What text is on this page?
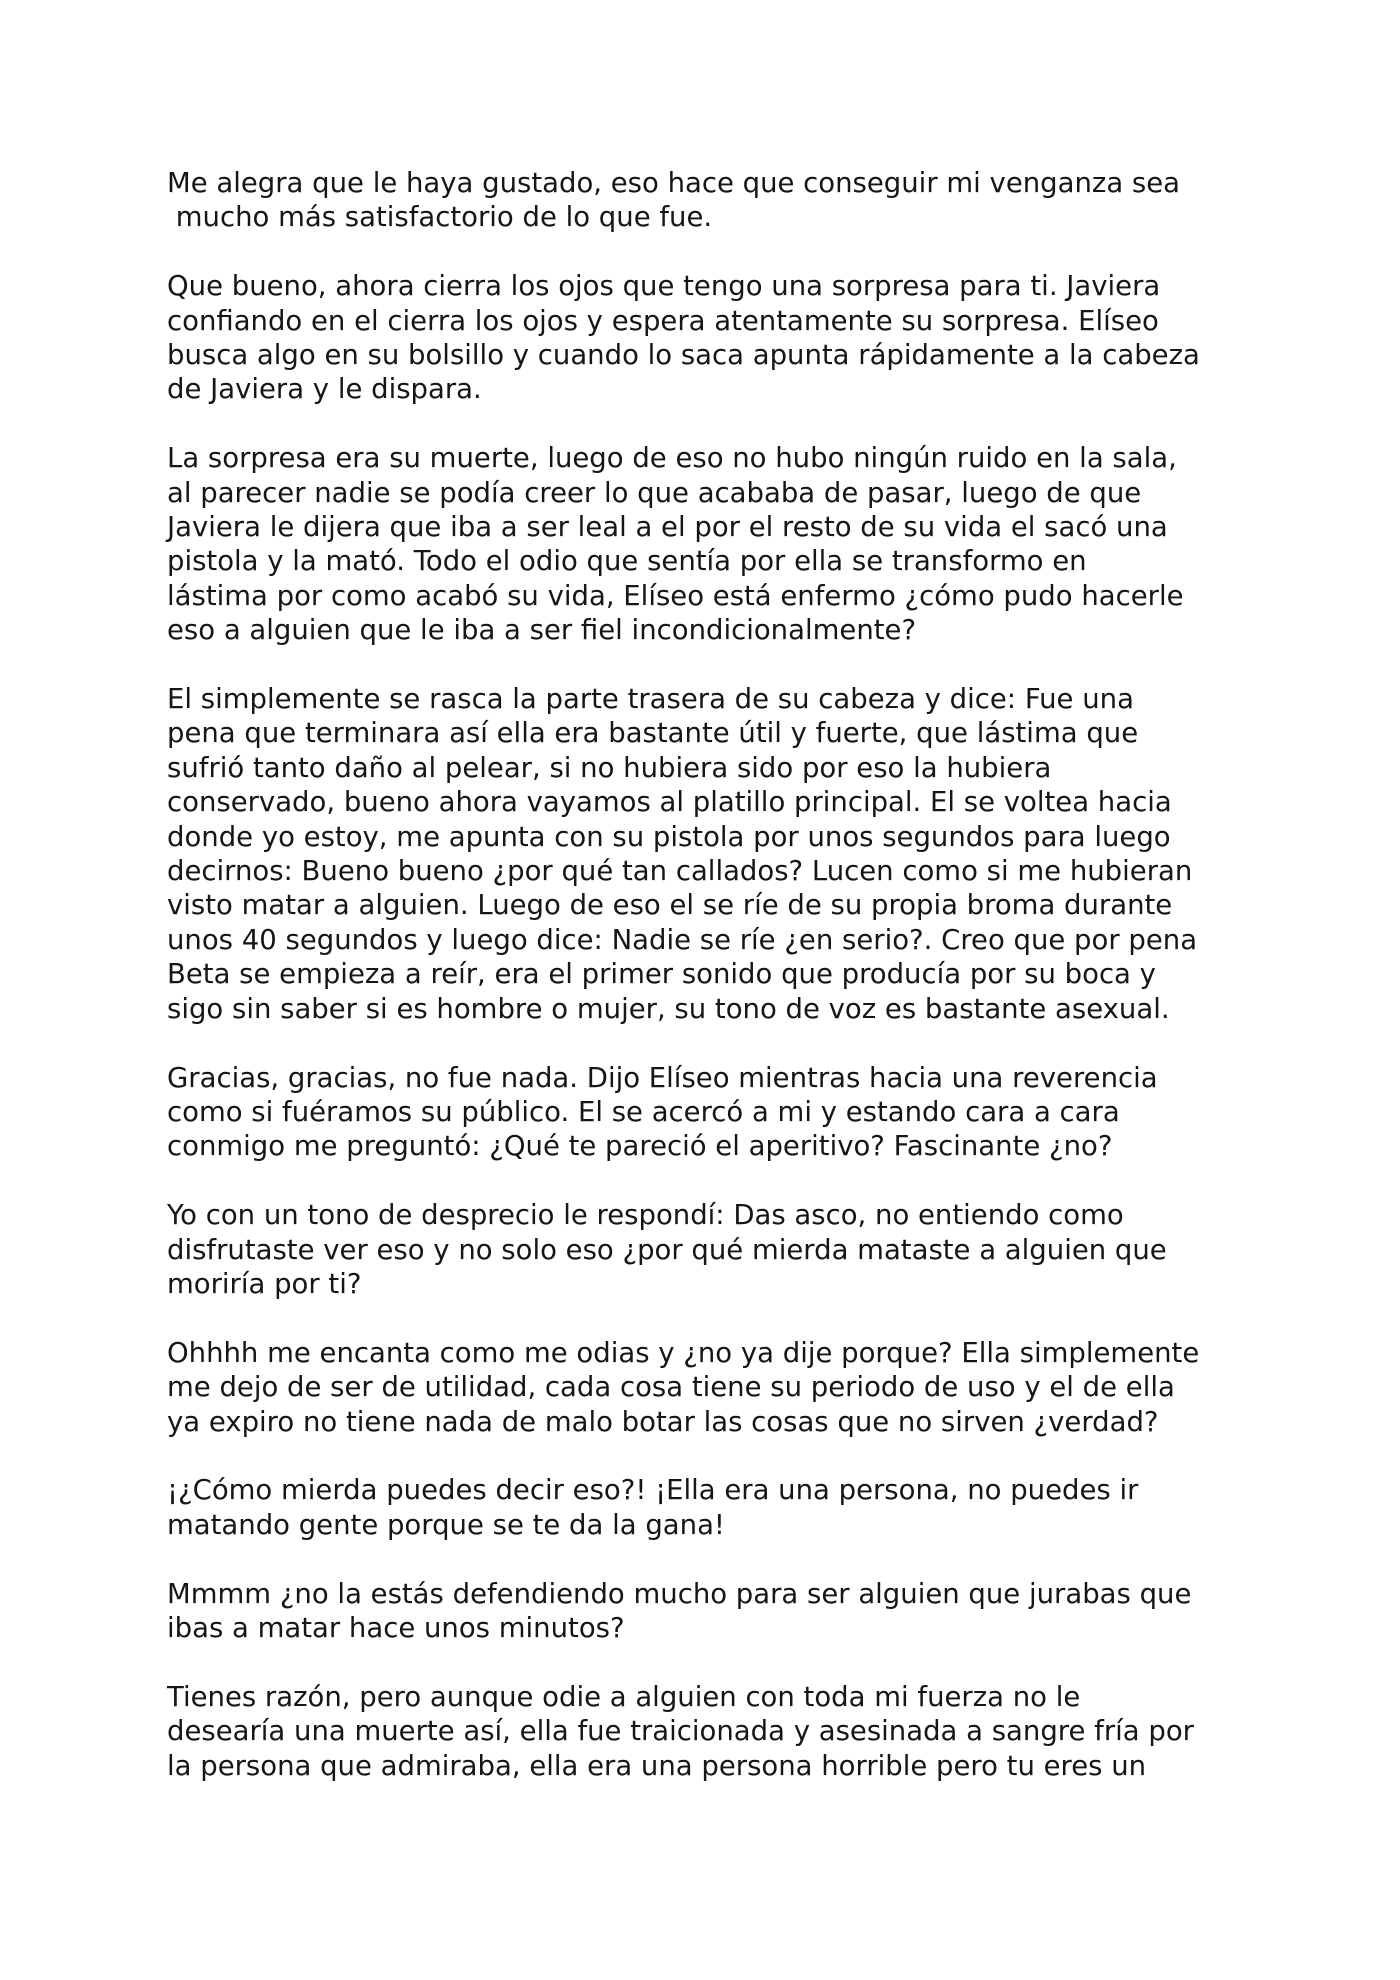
Me alegra que le haya gustado, eso hace que conseguir mi venganza sea
mucho más satisfactorio de lo que fue.

Que bueno, ahora cierra los ojos que tengo una sorpresa para ti. Javiera
confiando en el cierra los ojos y espera atentamente su sorpresa. Elíseo
busca algo en su bolsillo y cuando lo saca apunta rápidamente a la cabeza
de Javiera y le dispara.

La sorpresa era su muerte, luego de eso no hubo ningún ruido en la sala,
al parecer nadie se podía creer lo que acababa de pasar, luego de que
Javiera le dijera que iba a ser leal a el por el resto de su vida el sacó una
pistola y la mató. Todo el odio que sentía por ella se transformo en
lástima por como acabó su vida, Elíseo está enfermo ¿cómo pudo hacerle
eso a alguien que le iba a ser fiel incondicionalmente?

El simplemente se rasca la parte trasera de su cabeza y dice: Fue una
pena que terminara así ella era bastante útil y fuerte, que lástima que
sufrió tanto daño al pelear, si no hubiera sido por eso la hubiera
conservado, bueno ahora vayamos al platillo principal. El se voltea hacia
donde yo estoy, me apunta con su pistola por unos segundos para luego
decirnos: Bueno bueno ¿por qué tan callados? Lucen como si me hubieran
visto matar a alguien. Luego de eso el se ríe de su propia broma durante
unos 40 segundos y luego dice: Nadie se ríe ¿en serio?. Creo que por pena
Beta se empieza a reír, era el primer sonido que producía por su boca y
sigo sin saber si es hombre o mujer, su tono de voz es bastante asexual.

Gracias, gracias, no fue nada. Dijo Elíseo mientras hacia una reverencia
como si fuéramos su público. El se acercó a mi y estando cara a cara
conmigo me preguntó: ¿Qué te pareció el aperitivo? Fascinante ¿no?

Yo con un tono de desprecio le respondí: Das asco, no entiendo como
disfrutaste ver eso y no solo eso ¿por qué mierda mataste a alguien que
moriría por ti?

Ohhhh me encanta como me odias y ¿no ya dije porque? Ella simplemente
me dejo de ser de utilidad, cada cosa tiene su periodo de uso y el de ella
ya expiro no tiene nada de malo botar las cosas que no sirven ¿verdad?

¡¿Cómo mierda puedes decir eso?! ¡Ella era una persona, no puedes ir
matando gente porque se te da la gana!

Mmmm ¿no la estás defendiendo mucho para ser alguien que jurabas que
ibas a matar hace unos minutos?

Tienes razón, pero aunque odie a alguien con toda mi fuerza no le
desearía una muerte así, ella fue traicionada y asesinada a sangre fría por
la persona que admiraba, ella era una persona horrible pero tu eres un
